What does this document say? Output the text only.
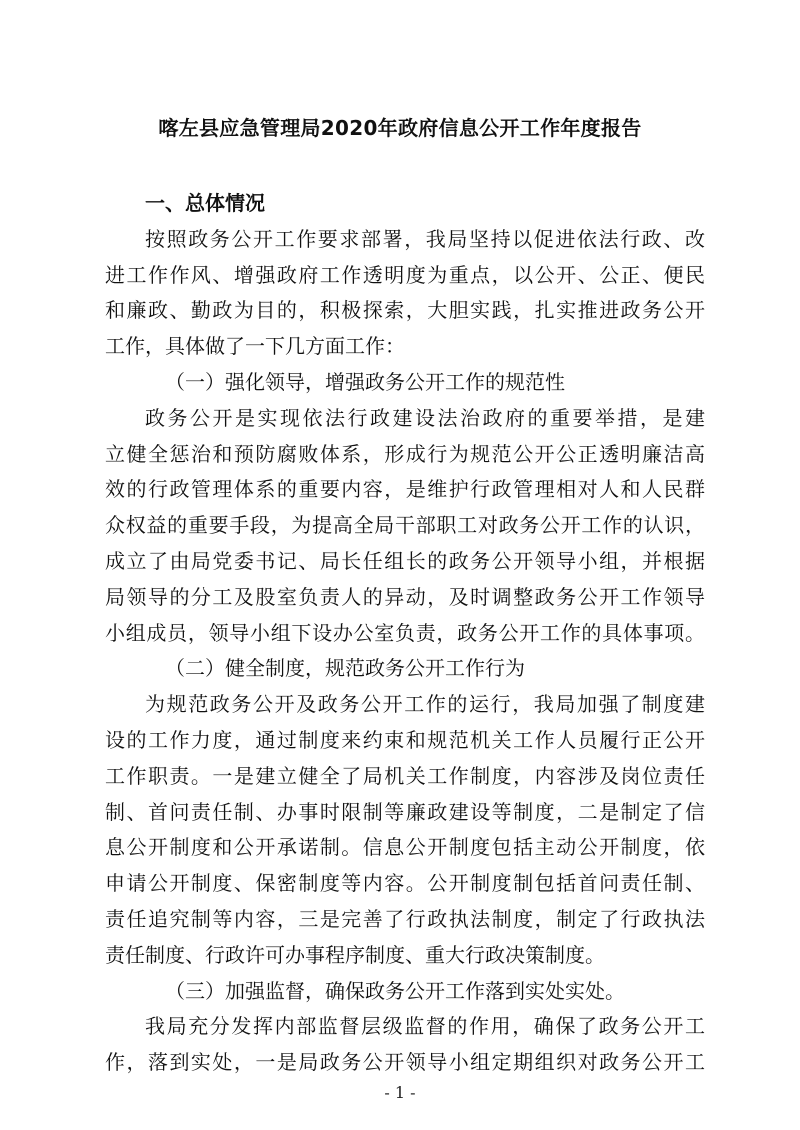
喀左县应急管理局2020年政府信息公开工作年度报告
一、总体情况
按照政务公开工作要求部署，我局坚持以促进依法行政、改
进工作作风、增强政府工作透明度为重点，以公开、公正、便民
和廉政、勤政为目的，积极探索，大胆实践，扎实推进政务公开
工作，具体做了一下几方面工作：
（一）强化领导，增强政务公开工作的规范性
政务公开是实现依法行政建设法治政府的重要举措，是建
立健全惩治和预防腐败体系，形成行为规范公开公正透明廉洁高
效的行政管理体系的重要内容，是维护行政管理相对人和人民群
众权益的重要手段，为提高全局干部职工对政务公开工作的认识，
成立了由局党委书记、局长任组长的政务公开领导小组，并根据
局领导的分工及股室负责人的异动，及时调整政务公开工作领导
小组成员，领导小组下设办公室负责，政务公开工作的具体事项。
（二）健全制度，规范政务公开工作行为
为规范政务公开及政务公开工作的运行，我局加强了制度建
设的工作力度，通过制度来约束和规范机关工作人员履行正公开
工作职责。一是建立健全了局机关工作制度，内容涉及岗位责任
制、首问责任制、办事时限制等廉政建设等制度，二是制定了信
息公开制度和公开承诺制。信息公开制度包括主动公开制度，依
申请公开制度、保密制度等内容。公开制度制包括首问责任制、
责任追究制等内容，三是完善了行政执法制度，制定了行政执法
责任制度、行政许可办事程序制度、重大行政决策制度。
（三）加强监督，确保政务公开工作落到实处实处。
我局充分发挥内部监督层级监督的作用，确保了政务公开工
作，落到实处，一是局政务公开领导小组定期组织对政务公开工
- 1 -
